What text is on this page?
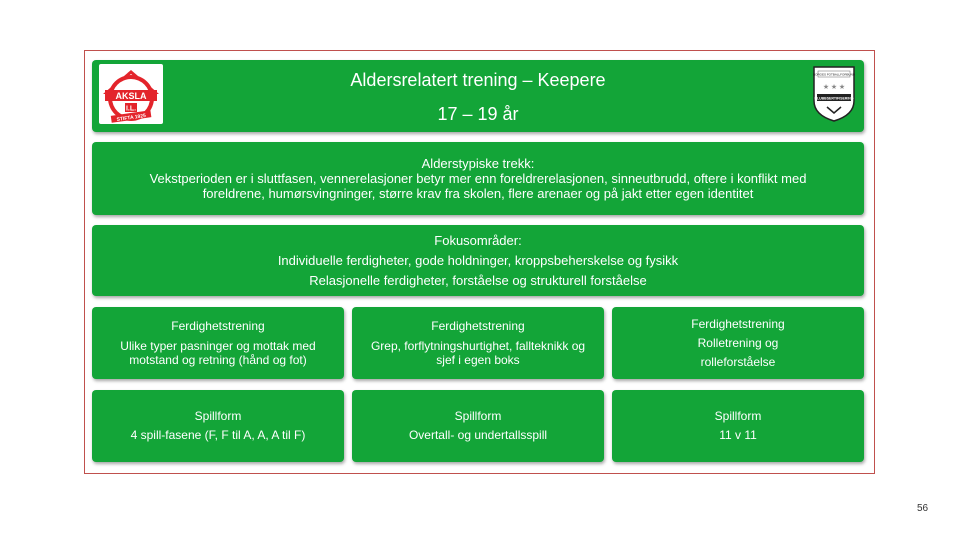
Aldersrelatert trening – Keepere
17 – 19 år
AKSLA
I.L.
STIFTA 1925
NORGES FOTBALLFORBUND
★ ★ ★
KLUBBSERTIFISERING
Alderstypiske trekk:
Vekstperioden er i sluttfasen, vennerelasjoner betyr mer enn foreldrerelasjonen, sinneutbrudd, oftere i konflikt med
foreldrene, humørsvingninger, større krav fra skolen, flere arenaer og på jakt etter egen identitet
Fokusområder:
Individuelle ferdigheter, gode holdninger, kroppsbeherskelse og fysikk
Relasjonelle ferdigheter, forståelse og strukturell forståelse
Ferdighetstrening
Ulike typer pasninger og mottak med
motstand og retning (hånd og fot)
Ferdighetstrening
Grep, forflytningshurtighet, fallteknikk og
sjef i egen boks
Ferdighetstrening
Rolletrening og
rolleforståelse
Spillform
4 spill-fasene (F, F til A, A, A til F)
Spillform
Overtall- og undertallsspill
Spillform
11 v 11
56
